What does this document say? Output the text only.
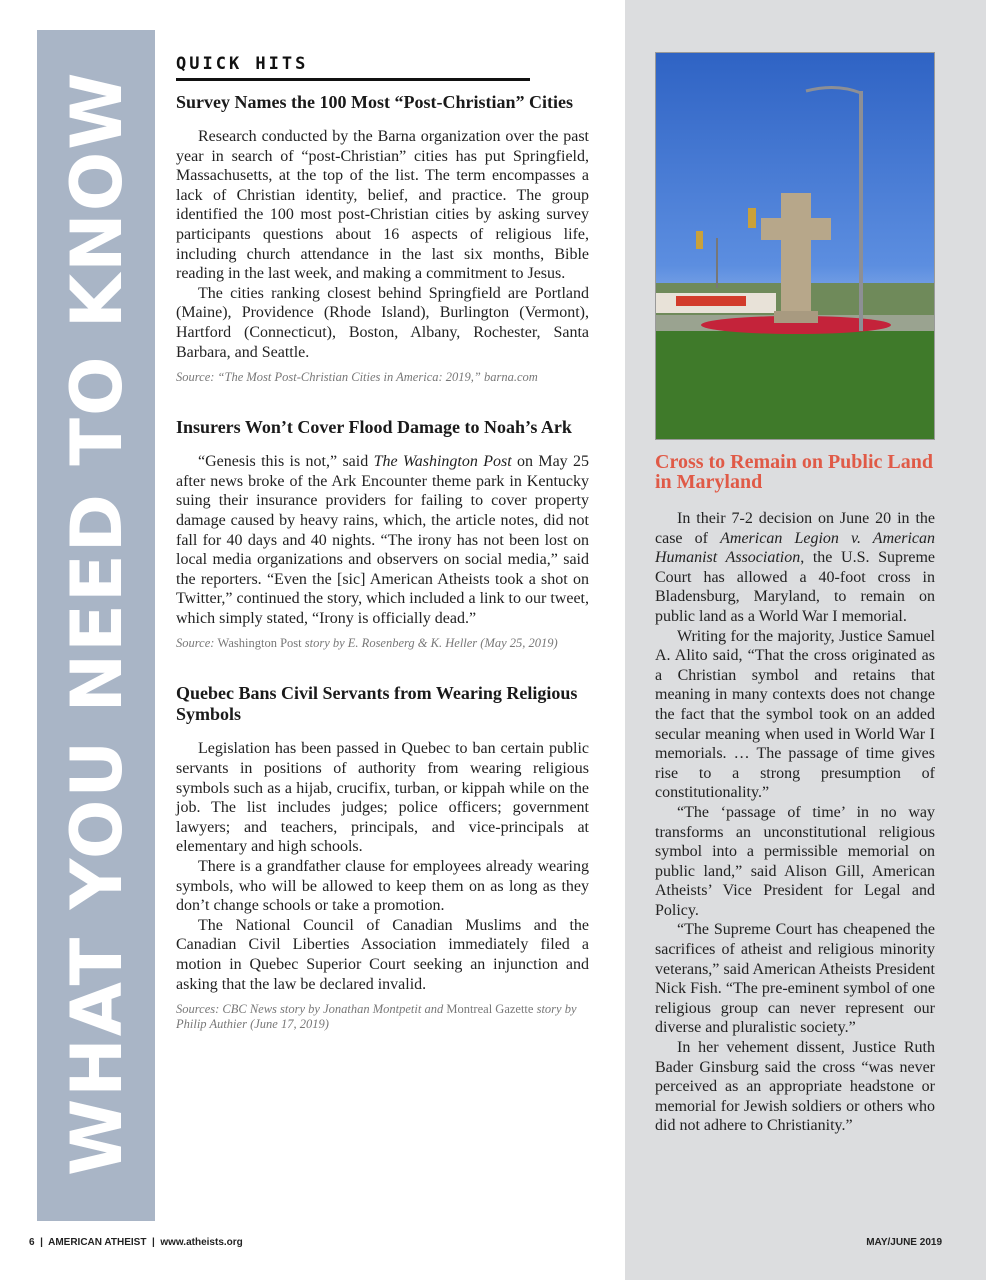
WHAT YOU NEED TO KNOW
QUICK HITS
Survey Names the 100 Most “Post-Christian” Cities

Research conducted by the Barna organization over the past year in search of “post-Christian” cities has put Springfield, Massachusetts, at the top of the list. The term encompasses a lack of Christian identity, belief, and practice. The group identified the 100 most post-Christian cities by asking survey participants questions about 16 aspects of religious life, including church attendance in the last six months, Bible reading in the last week, and making a commitment to Jesus.

The cities ranking closest behind Springfield are Portland (Maine), Providence (Rhode Island), Burlington (Vermont), Hartford (Connecticut), Boston, Albany, Rochester, Santa Barbara, and Seattle.

Source: “The Most Post-Christian Cities in America: 2019,” barna.com
Insurers Won’t Cover Flood Damage to Noah’s Ark

“Genesis this is not,” said The Washington Post on May 25 after news broke of the Ark Encounter theme park in Kentucky suing their insurance providers for failing to cover property damage caused by heavy rains, which, the article notes, did not fall for 40 days and 40 nights. “The irony has not been lost on local media organizations and observers on social media,” said the reporters. “Even the [sic] American Atheists took a shot on Twitter,” continued the story, which included a link to our tweet, which simply stated, “Irony is officially dead.”

Source: Washington Post story by E. Rosenberg & K. Heller (May 25, 2019)
Quebec Bans Civil Servants from Wearing Religious Symbols

Legislation has been passed in Quebec to ban certain public servants in positions of authority from wearing religious symbols such as a hijab, crucifix, turban, or kippah while on the job. The list includes judges; police officers; government lawyers; and teachers, principals, and vice-principals at elementary and high schools.

There is a grandfather clause for employees already wearing symbols, who will be allowed to keep them on as long as they don’t change schools or take a promotion.

The National Council of Canadian Muslims and the Canadian Civil Liberties Association immediately filed a motion in Quebec Superior Court seeking an injunction and asking that the law be declared invalid.

Sources: CBC News story by Jonathan Montpetit and Montreal Gazette story by Philip Authier (June 17, 2019)
Cross to Remain on Public Land in Maryland

In their 7-2 decision on June 20 in the case of American Legion v. American Humanist Association, the U.S. Supreme Court has allowed a 40-foot cross in Bladensburg, Maryland, to remain on public land as a World War I memorial.

Writing for the majority, Justice Samuel A. Alito said, “That the cross originated as a Christian symbol and retains that meaning in many contexts does not change the fact that the symbol took on an added secular meaning when used in World War I memorials. … The passage of time gives rise to a strong presumption of constitutionality.”

“The ‘passage of time’ in no way transforms an unconstitutional religious symbol into a permissible memorial on public land,” said Alison Gill, American Atheists’ Vice President for Legal and Policy.

“The Supreme Court has cheapened the sacrifices of atheist and religious minority veterans,” said American Atheists President Nick Fish. “The pre-eminent symbol of one religious group can never represent our diverse and pluralistic society.”

In her vehement dissent, Justice Ruth Bader Ginsburg said the cross “was never perceived as an appropriate headstone or memorial for Jewish soldiers or others who did not adhere to Christianity.”

6  |  AMERICAN ATHEIST  |  www.atheists.org	MAY/JUNE 2019
